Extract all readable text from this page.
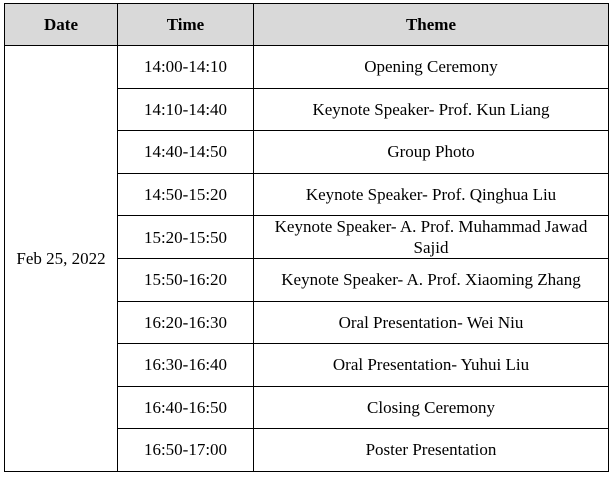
Date	Time	Theme
Feb 25, 2022	14:00-14:10	Opening Ceremony
	14:10-14:40	Keynote Speaker- Prof. Kun Liang
	14:40-14:50	Group Photo
	14:50-15:20	Keynote Speaker- Prof. Qinghua Liu
	15:20-15:50	Keynote Speaker- A. Prof. Muhammad Jawad Sajid
	15:50-16:20	Keynote Speaker- A. Prof. Xiaoming Zhang
	16:20-16:30	Oral Presentation- Wei Niu
	16:30-16:40	Oral Presentation- Yuhui Liu
	16:40-16:50	Closing Ceremony
	16:50-17:00	Poster Presentation
